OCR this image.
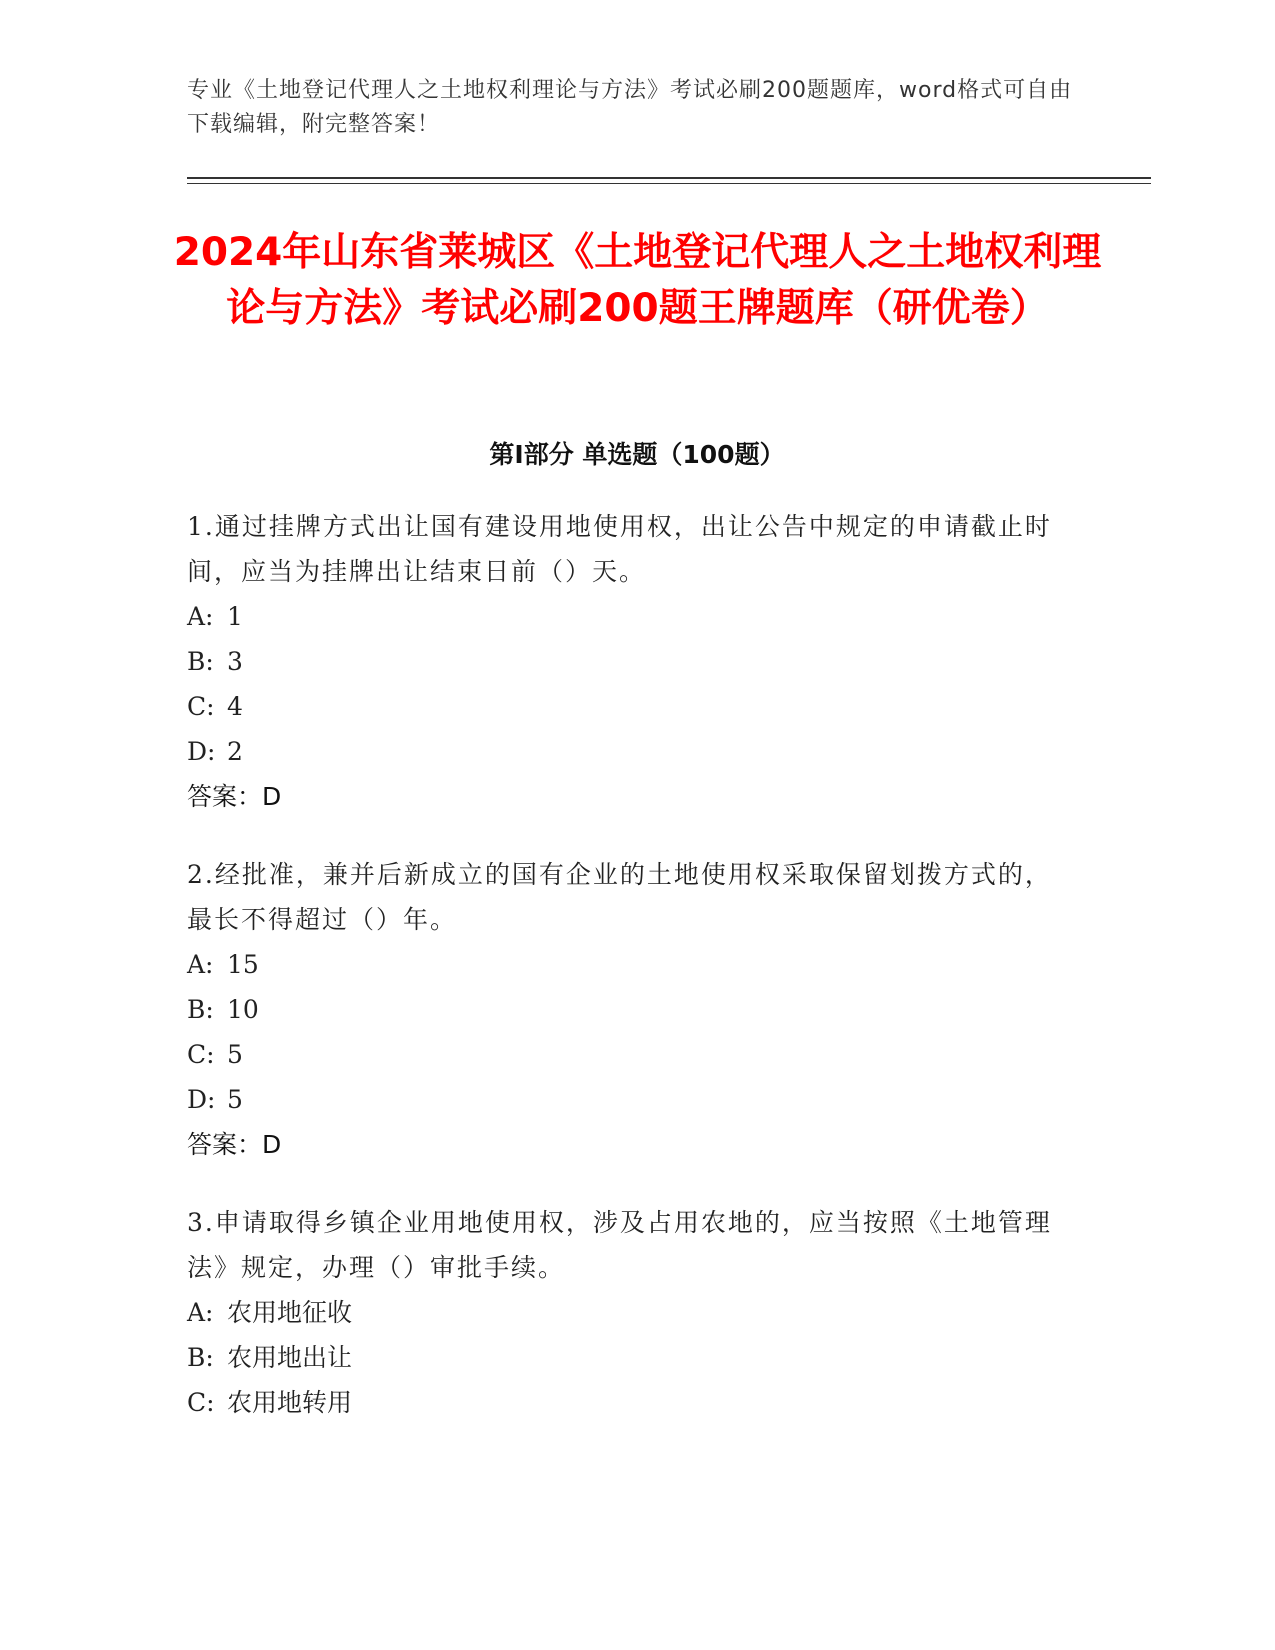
专业《土地登记代理人之土地权利理论与方法》考试必刷200题题库，word格式可自由下载编辑，附完整答案！

2024年山东省莱城区《土地登记代理人之土地权利理论与方法》考试必刷200题王牌题库（研优卷）
第I部分 单选题（100题）

1.通过挂牌方式出让国有建设用地使用权，出让公告中规定的申请截止时间，应当为挂牌出让结束日前（）天。

A: 1

B: 3

C: 4

D: 2

答案：D

2.经批准，兼并后新成立的国有企业的土地使用权采取保留划拨方式的，最长不得超过（）年。

A: 15

B: 10

C: 5

D: 5

答案：D

3.申请取得乡镇企业用地使用权，涉及占用农地的，应当按照《土地管理法》规定，办理（）审批手续。

A: 农用地征收

B: 农用地出让

C: 农用地转用
